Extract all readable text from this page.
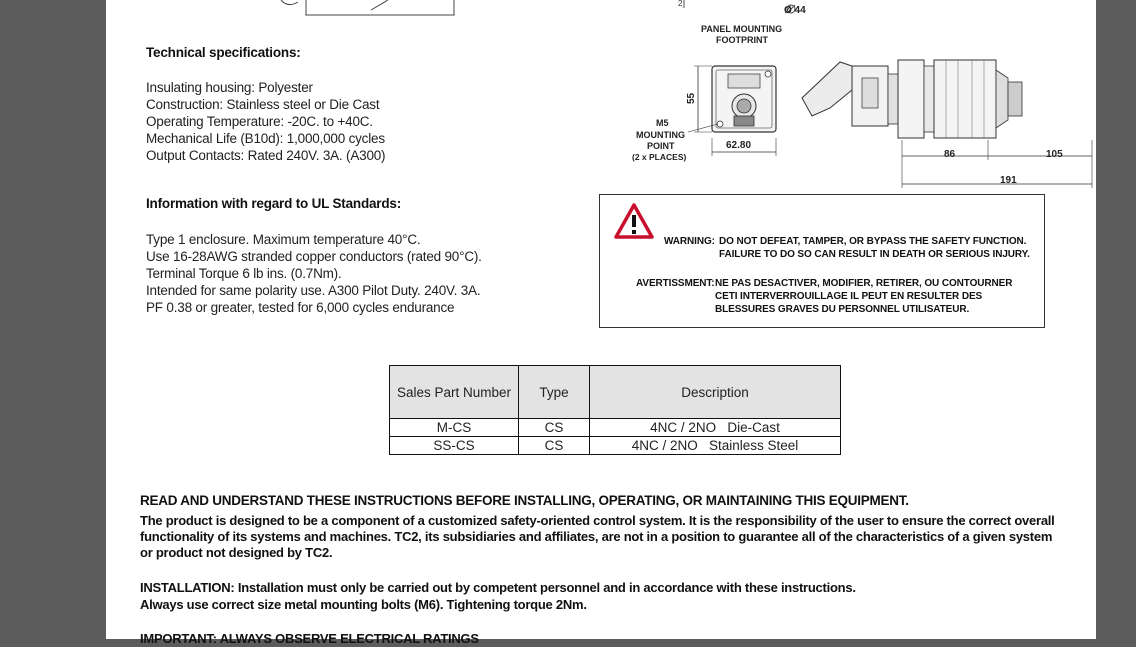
Technical specifications:
Insulating housing: Polyester
Construction: Stainless steel or Die Cast
Operating Temperature: -20C. to +40C.
Mechanical Life (B10d): 1,000,000 cycles
Output Contacts: Rated 240V. 3A. (A300)
Information with regard to UL Standards:
Type 1 enclosure. Maximum temperature 40°C.
Use 16-28AWG stranded copper conductors (rated 90°C).
Terminal Torque 6 lb ins. (0.7Nm).
Intended for same polarity use. A300 Pilot Duty. 240V. 3A.
PF 0.38 or greater, tested for 6,000 cycles endurance
2
Ø 44
PANEL MOUNTING
FOOTPRINT
55
62.80
M5
MOUNTING
POINT
(2 x PLACES)	86	105
191
WARNING: DO NOT DEFEAT, TAMPER, OR BYPASS THE SAFETY FUNCTION.
FAILURE TO DO SO CAN RESULT IN DEATH OR SERIOUS INJURY.
AVERTISSMENT: NE PAS DESACTIVER, MODIFIER, RETIRER, OU CONTOURNER
CETI INTERVERROUILLAGE IL PEUT EN RESULTER DES
BLESSURES GRAVES DU PERSONNEL UTILISATEUR.
Sales Part Number	Type	Description
M-CS	CS	4NC / 2NO   Die-Cast
SS-CS	CS	4NC / 2NO   Stainless Steel
READ AND UNDERSTAND THESE INSTRUCTIONS BEFORE INSTALLING, OPERATING, OR MAINTAINING THIS EQUIPMENT.
The product is designed to be a component of a customized safety-oriented control system. It is the responsibility of the user to ensure the correct overall
functionality of its systems and machines. TC2, its subsidiaries and affiliates, are not in a position to guarantee all of the characteristics of a given system
or product not designed by TC2.
INSTALLATION: Installation must only be carried out by competent personnel and in accordance with these instructions.
Always use correct size metal mounting bolts (M6). Tightening torque 2Nm.
IMPORTANT: ALWAYS OBSERVE ELECTRICAL RATINGS
